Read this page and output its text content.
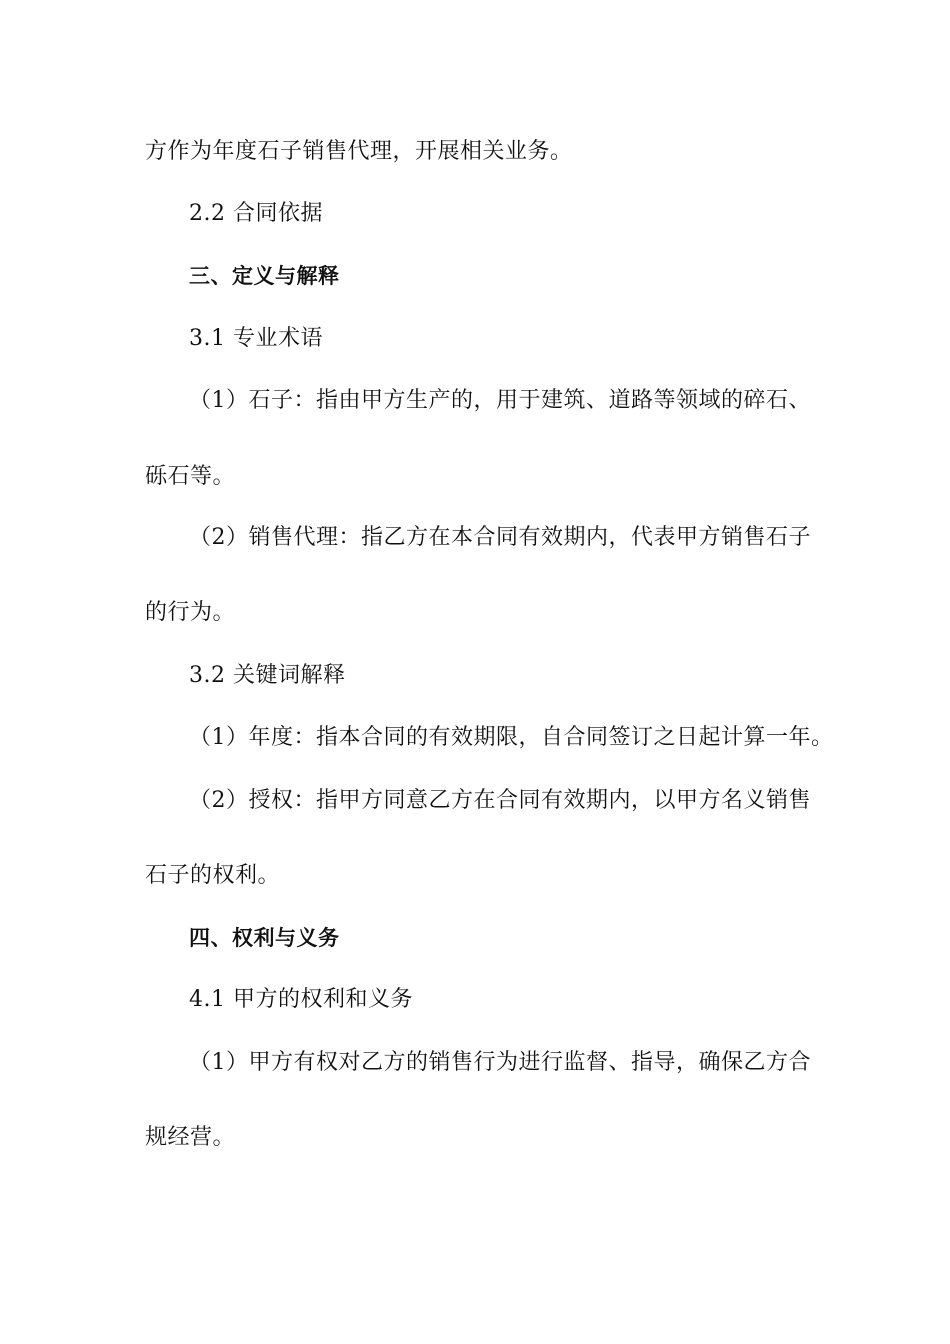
方作为年度石子销售代理，开展相关业务。
2.2 合同依据
三、定义与解释
3.1 专业术语
（1）石子：指由甲方生产的，用于建筑、道路等领域的碎石、
砾石等。
（2）销售代理：指乙方在本合同有效期内，代表甲方销售石子
的行为。
3.2 关键词解释
（1）年度：指本合同的有效期限，自合同签订之日起计算一年。
（2）授权：指甲方同意乙方在合同有效期内，以甲方名义销售
石子的权利。
四、权利与义务
4.1 甲方的权利和义务
（1）甲方有权对乙方的销售行为进行监督、指导，确保乙方合
规经营。
